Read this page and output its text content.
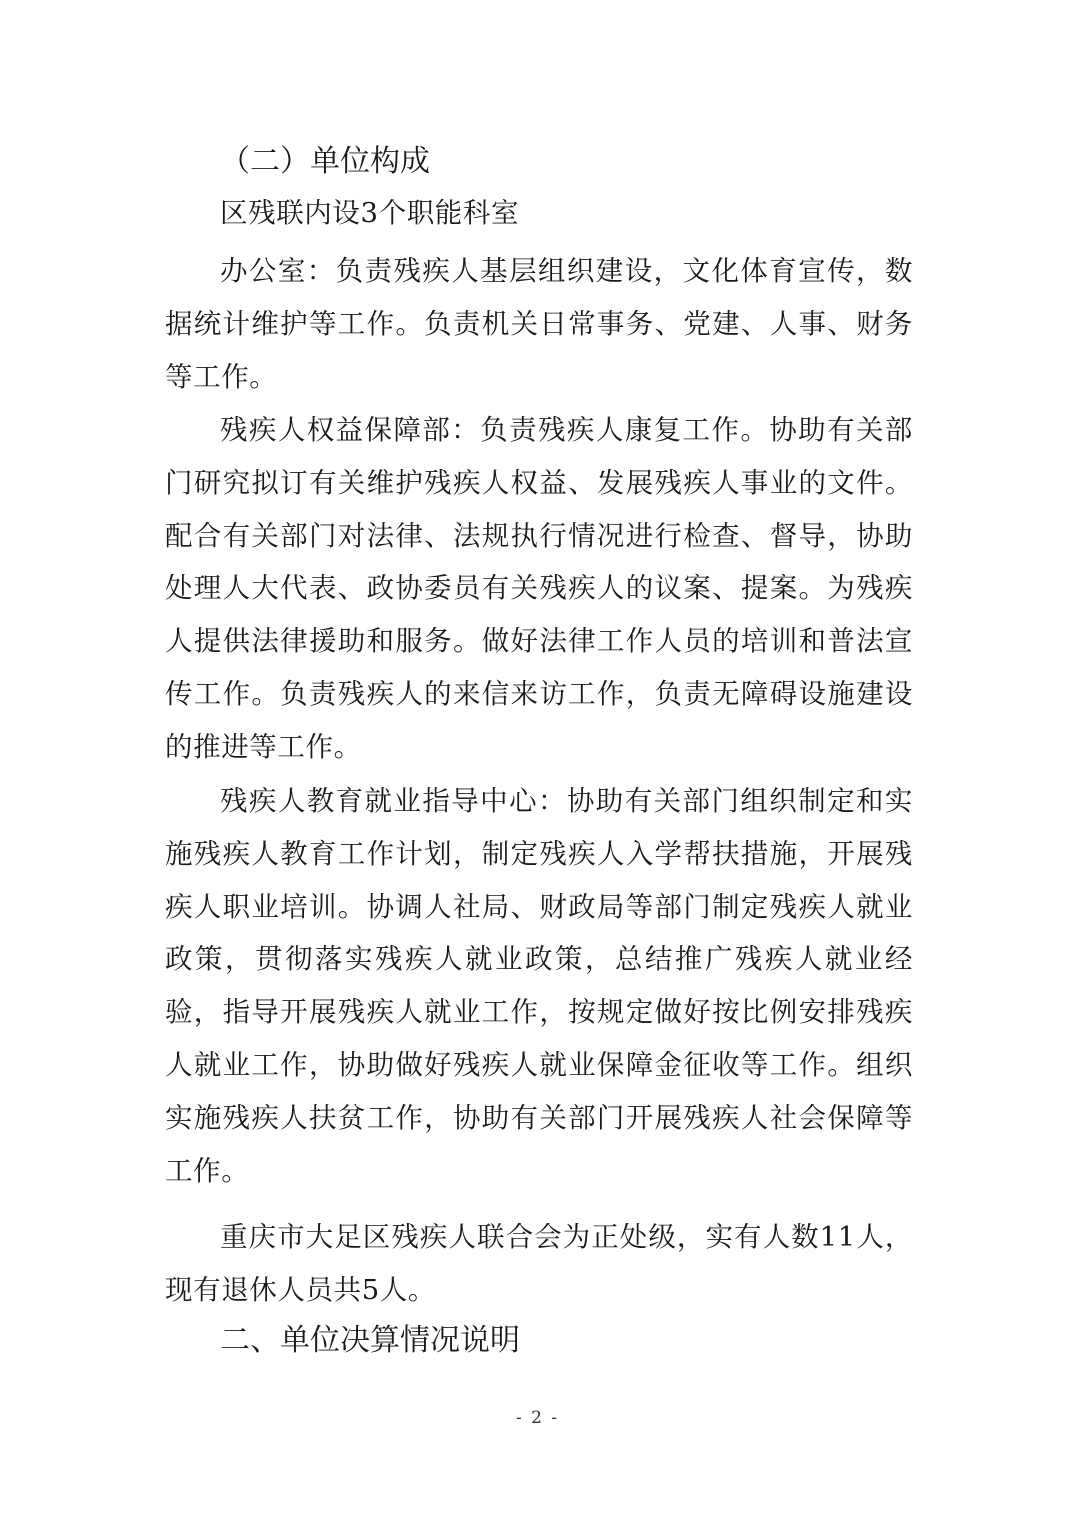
（二）单位构成

区残联内设3个职能科室

办公室：负责残疾人基层组织建设，文化体育宣传，数据统计维护等工作。负责机关日常事务、党建、人事、财务等工作。

残疾人权益保障部：负责残疾人康复工作。协助有关部门研究拟订有关维护残疾人权益、发展残疾人事业的文件。配合有关部门对法律、法规执行情况进行检查、督导，协助处理人大代表、政协委员有关残疾人的议案、提案。为残疾人提供法律援助和服务。做好法律工作人员的培训和普法宣传工作。负责残疾人的来信来访工作，负责无障碍设施建设的推进等工作。

残疾人教育就业指导中心：协助有关部门组织制定和实施残疾人教育工作计划，制定残疾人入学帮扶措施，开展残疾人职业培训。协调人社局、财政局等部门制定残疾人就业政策，贯彻落实残疾人就业政策，总结推广残疾人就业经验，指导开展残疾人就业工作，按规定做好按比例安排残疾人就业工作，协助做好残疾人就业保障金征收等工作。组织实施残疾人扶贫工作，协助有关部门开展残疾人社会保障等工作。

重庆市大足区残疾人联合会为正处级，实有人数11人，现有退休人员共5人。

二、单位决算情况说明
- 2 -
